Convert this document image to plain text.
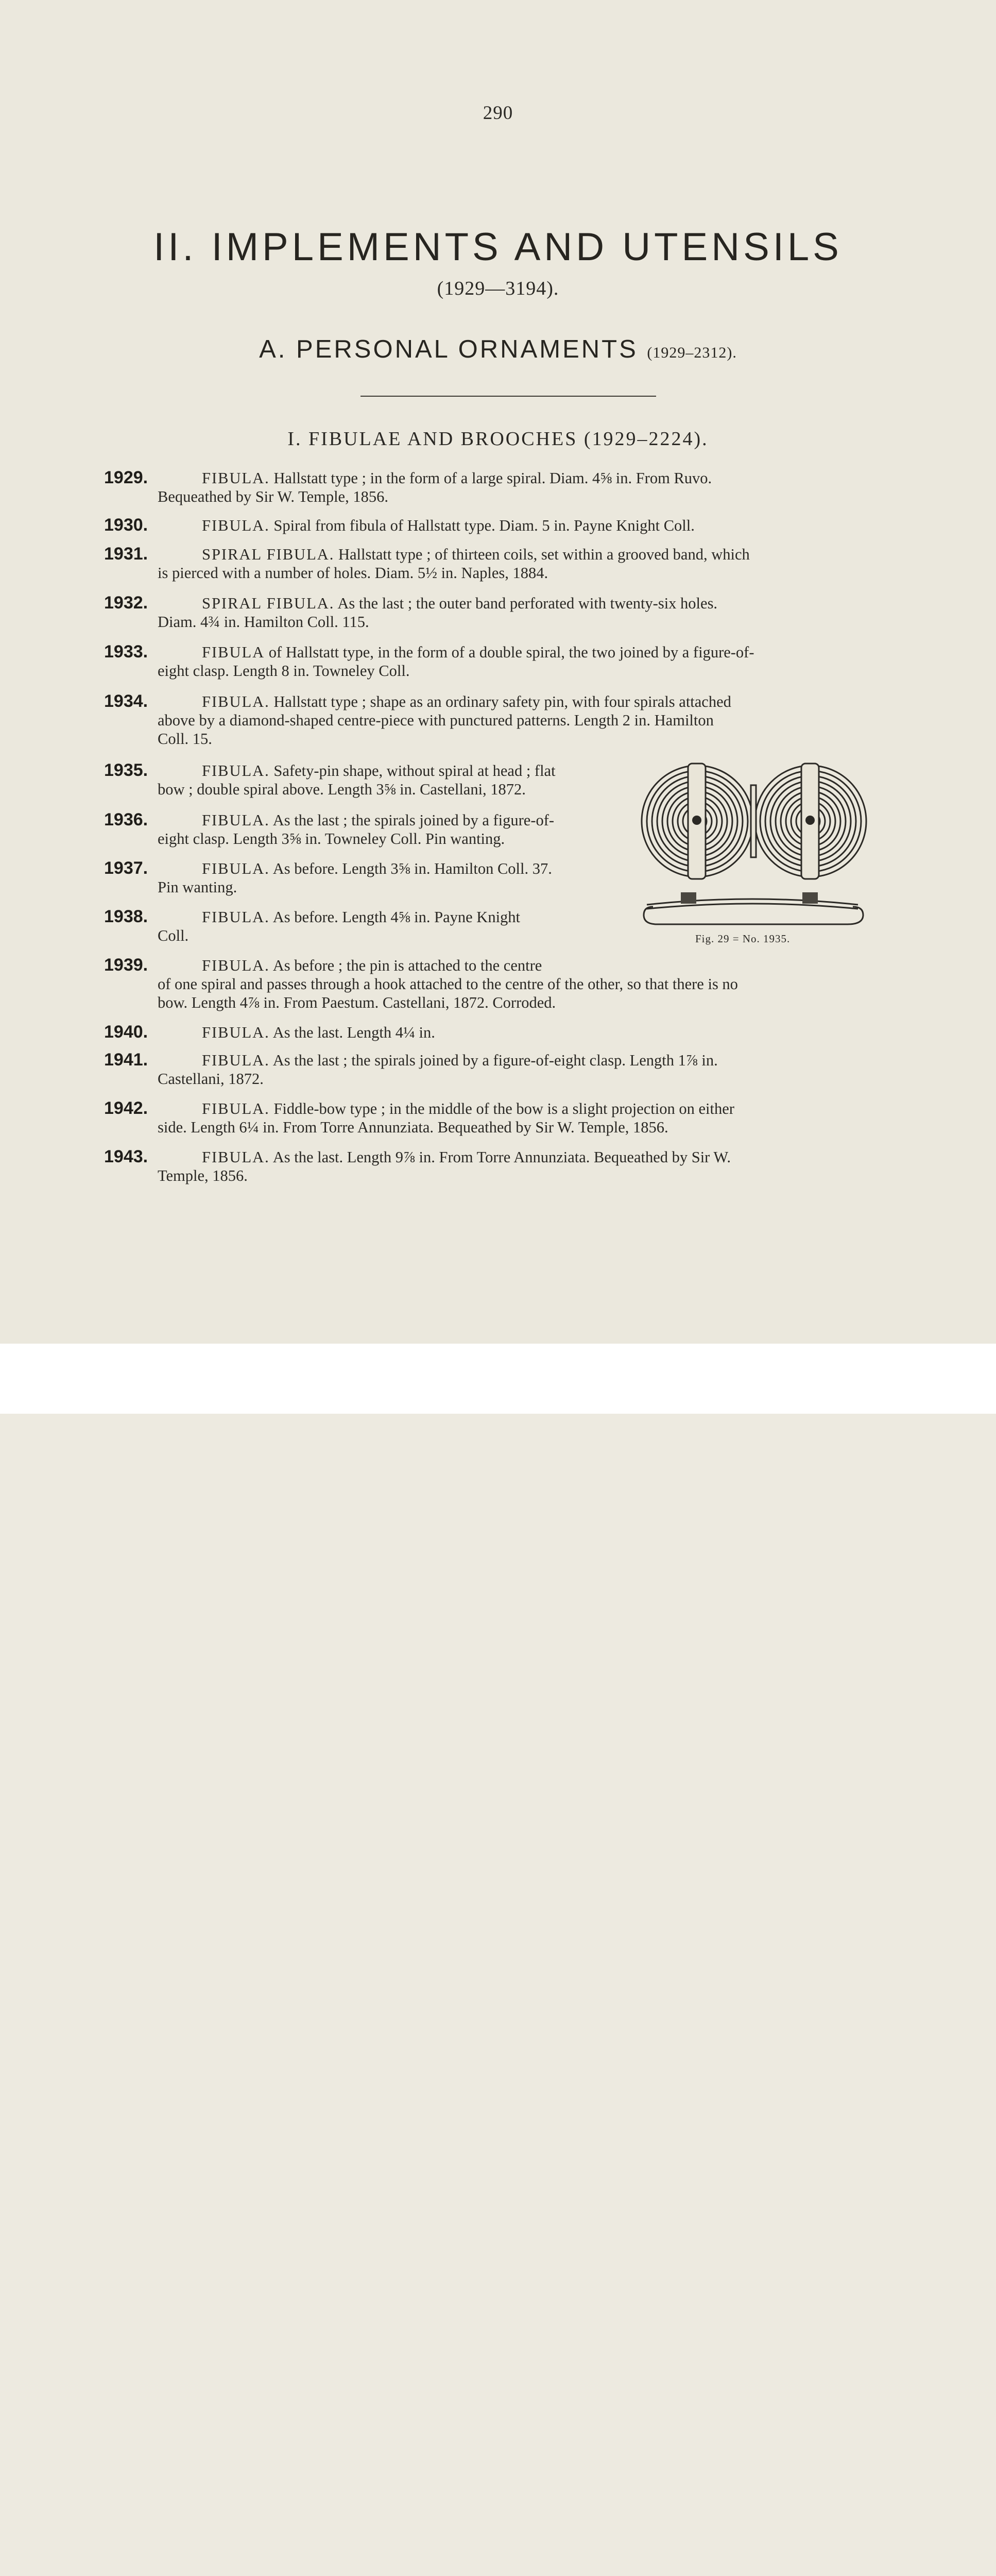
290
II. IMPLEMENTS AND UTENSILS
(1929—3194).
A. PERSONAL ORNAMENTS (1929–2312).
I. FIBULAE AND BROOCHES (1929–2224).
1929.	FIBULA. Hallstatt type ; in the form of a large spiral. Diam. 4⅝ in. From Ruvo.
Bequeathed by Sir W. Temple, 1856.
1930.	FIBULA. Spiral from fibula of Hallstatt type. Diam. 5 in. Payne Knight Coll.
1931.	SPIRAL FIBULA. Hallstatt type ; of thirteen coils, set within a grooved band, which
is pierced with a number of holes. Diam. 5½ in. Naples, 1884.
1932.	SPIRAL FIBULA. As the last ; the outer band perforated with twenty-six holes.
Diam. 4¾ in. Hamilton Coll. 115.
1933.	FIBULA of Hallstatt type, in the form of a double spiral, the two joined by a figure-of-
eight clasp. Length 8 in. Towneley Coll.
1934.	FIBULA. Hallstatt type ; shape as an ordinary safety pin, with four spirals attached
above by a diamond-shaped centre-piece with punctured patterns. Length 2 in. Hamilton
Coll. 15.
1935.	FIBULA. Safety-pin shape, without spiral at head ; flat
bow ; double spiral above. Length 3⅝ in. Castellani, 1872.
1936.	FIBULA. As the last ; the spirals joined by a figure-of-
eight clasp. Length 3⅝ in. Towneley Coll. Pin wanting.
1937.	FIBULA. As before. Length 3⅝ in. Hamilton Coll. 37.
Pin wanting.
1938.	FIBULA. As before. Length 4⅝ in. Payne Knight
Coll.
1939.	FIBULA. As before ; the pin is attached to the centre
of one spiral and passes through a hook attached to the centre of the other, so that there is no
bow. Length 4⅞ in. From Paestum. Castellani, 1872. Corroded.
1940.	FIBULA. As the last. Length 4¼ in.
1941.	FIBULA. As the last ; the spirals joined by a figure-of-eight clasp. Length 1⅞ in.
Castellani, 1872.
1942.	FIBULA. Fiddle-bow type ; in the middle of the bow is a slight projection on either
side. Length 6¼ in. From Torre Annunziata. Bequeathed by Sir W. Temple, 1856.
1943.	FIBULA. As the last. Length 9⅞ in. From Torre Annunziata. Bequeathed by Sir W.
Temple, 1856.
Fig. 29 = No. 1935.
